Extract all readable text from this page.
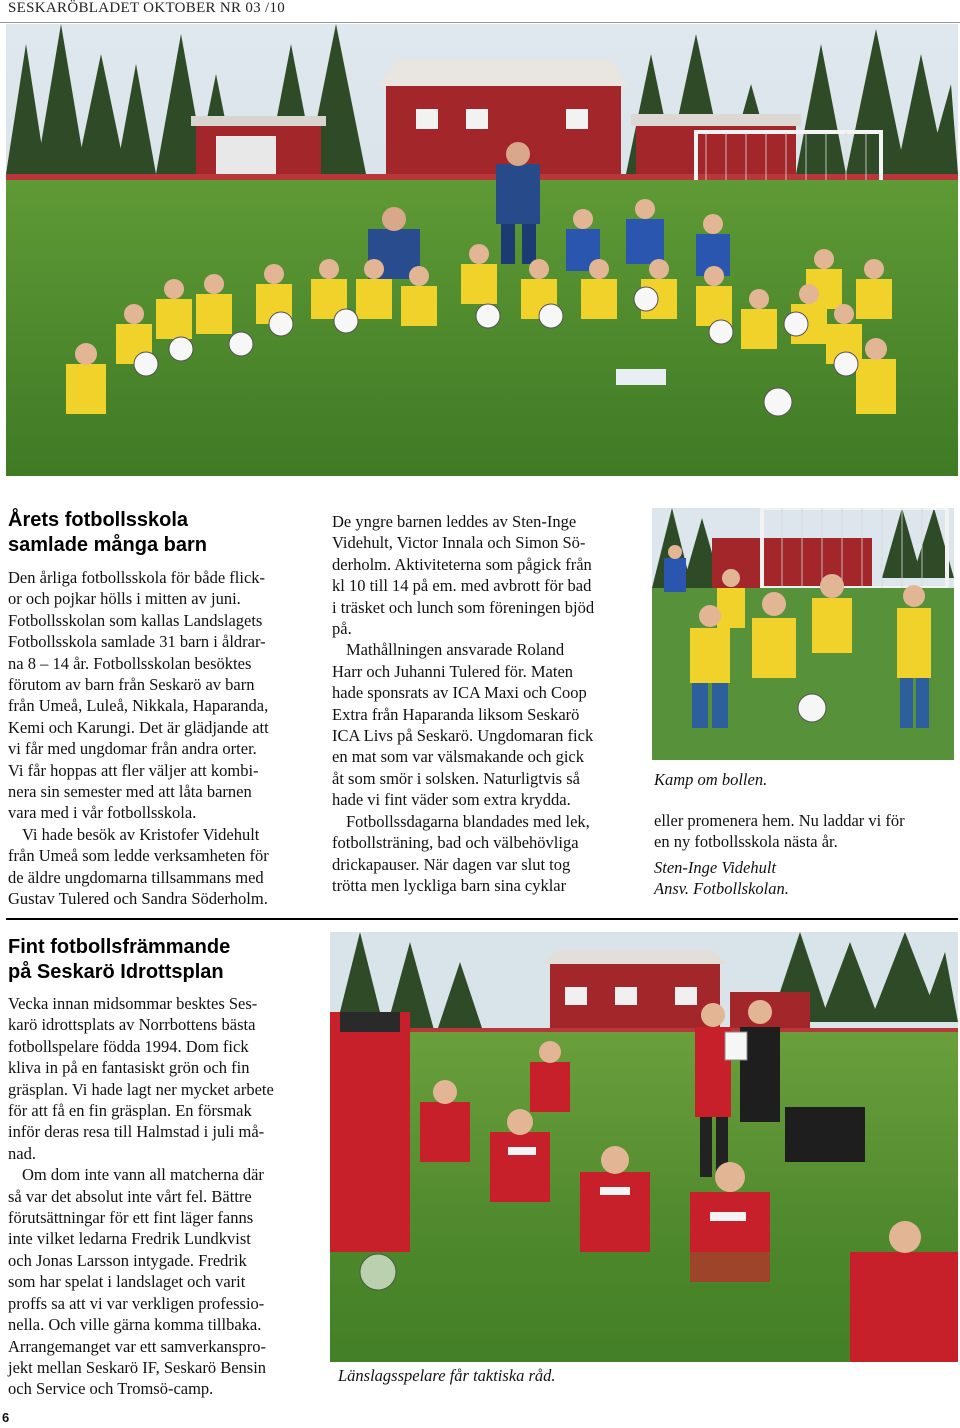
SESKARÖBLADET OKTOBER NR 03 /10
Årets fotbollsskola
samlade många barn

Den årliga fotbollsskola för både flick-

or och pojkar hölls i mitten av juni.

Fotbollsskolan som kallas Landslagets

Fotbollsskola samlade 31 barn i åldrar-

na 8 – 14 år. Fotbollsskolan besöktes

förutom av barn från Seskarö av barn

från Umeå, Luleå, Nikkala, Haparanda,

Kemi och Karungi. Det är glädjande att

vi får med ungdomar från andra orter.

Vi får hoppas att fler väljer att kombi-

nera sin semester med att låta barnen

vara med i vår fotbollsskola.

Vi hade besök av Kristofer Videhult

från Umeå som ledde verksamheten för

de äldre ungdomarna tillsammans med

Gustav Tulered och Sandra Söderholm.

De yngre barnen leddes av Sten-Inge

Videhult, Victor Innala och Simon Sö-

derholm. Aktiviteterna som pågick från

kl 10 till 14 på em. med avbrott för bad

i träsket och lunch som föreningen bjöd

på.

Mathållningen ansvarade Roland

Harr och Juhanni Tulered för. Maten

hade sponsrats av ICA Maxi och Coop

Extra från Haparanda liksom Seskarö

ICA Livs på Seskarö. Ungdomaran fick

en mat som var välsmakande och gick

åt som smör i solsken. Naturligtvis så

hade vi fint väder som extra krydda.

Fotbollssdagarna blandades med lek,

fotbollsträning, bad och välbehövliga

drickapauser. När dagen var slut tog

trötta men lyckliga barn sina cyklar

Kamp om bollen.

eller promenera hem. Nu laddar vi för

en ny fotbollsskola nästa år.

Sten-Inge Videhult

Ansv. Fotbollskolan.

Fint fotbollsfrämmande
på Seskarö Idrottsplan

Vecka innan midsommar besktes Ses-

karö idrottsplats av Norrbottens bästa

fotbollspelare födda 1994. Dom fick

kliva in på en fantasiskt grön och fin

gräsplan. Vi hade lagt ner mycket arbete

för att få en fin gräsplan. En försmak

inför deras resa till Halmstad i juli må-

nad.

Om dom inte vann all matcherna där

så var det absolut inte vårt fel. Bättre

förutsättningar för ett fint läger fanns

inte vilket ledarna Fredrik Lundkvist

och Jonas Larsson intygade. Fredrik

som har spelat i landslaget och varit

proffs sa att vi var verkligen professio-

nella. Och ville gärna komma tillbaka.

Arrangemanget var ett samverkanspro-

jekt mellan Seskarö IF, Seskarö Bensin

och Service och Tromsö-camp.

Länslagsspelare får taktiska råd.
6
